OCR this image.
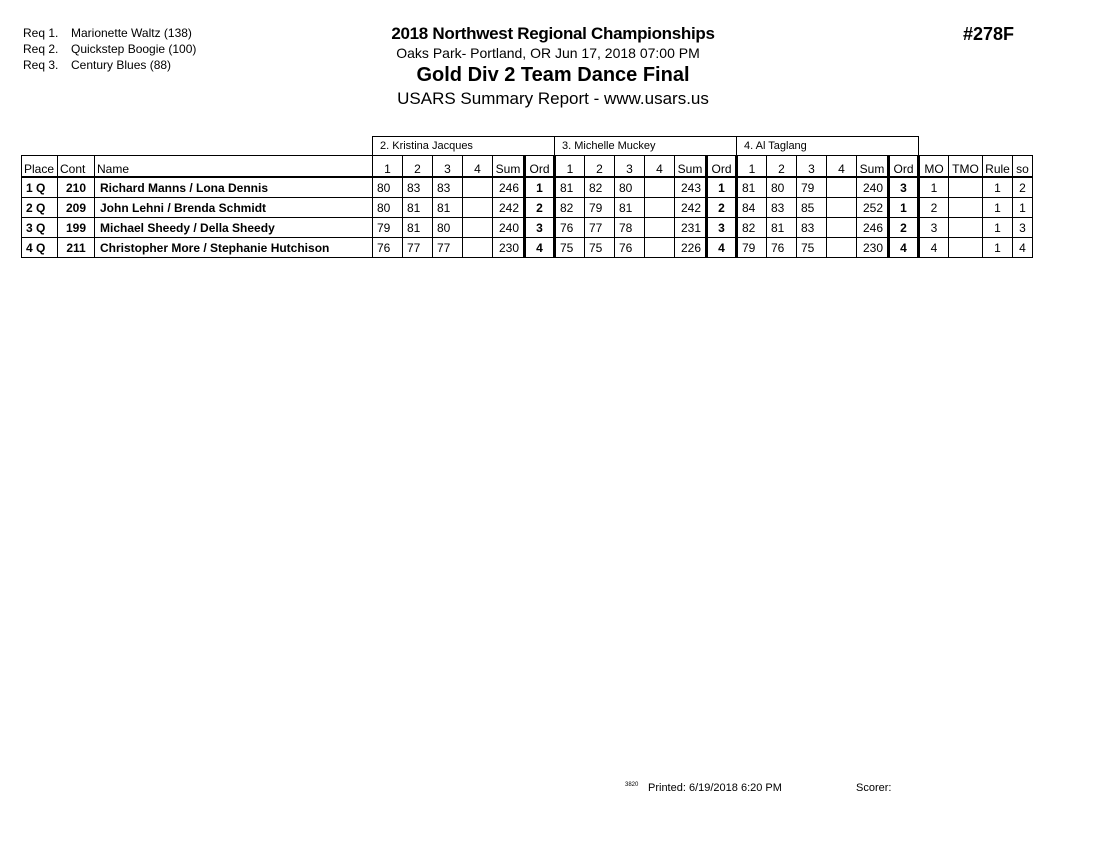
Req 1. Marionette Waltz (138)
Req 2. Quickstep Boogie (100)
Req 3. Century Blues (88)
2018 Northwest Regional Championships
Oaks Park- Portland, OR Jun 17, 2018 07:00 PM
Gold Div 2 Team Dance Final
USARS Summary Report - www.usars.us
#278F
			2. Kristina Jacques						3. Michelle Muckey						4. Al Taglang									
Place	Cont	Name	1	2	3	4	Sum	Ord	1	2	3	4	Sum	Ord	1	2	3	4	Sum	Ord	MO	TMO	Rule	so
1 Q	210	Richard Manns / Lona Dennis	80	83	83		246	1	81	82	80		243	1	81	80	79		240	3	1		1	2
2 Q	209	John Lehni / Brenda Schmidt	80	81	81		242	2	82	79	81		242	2	84	83	85		252	1	2		1	1
3 Q	199	Michael Sheedy / Della Sheedy	79	81	80		240	3	76	77	78		231	3	82	81	83		246	2	3		1	3
4 Q	211	Christopher More / Stephanie Hutchison	76	77	77		230	4	75	75	76		226	4	79	76	75		230	4	4		1	4
3820 Printed: 6/19/2018 6:20 PM	Scorer:
